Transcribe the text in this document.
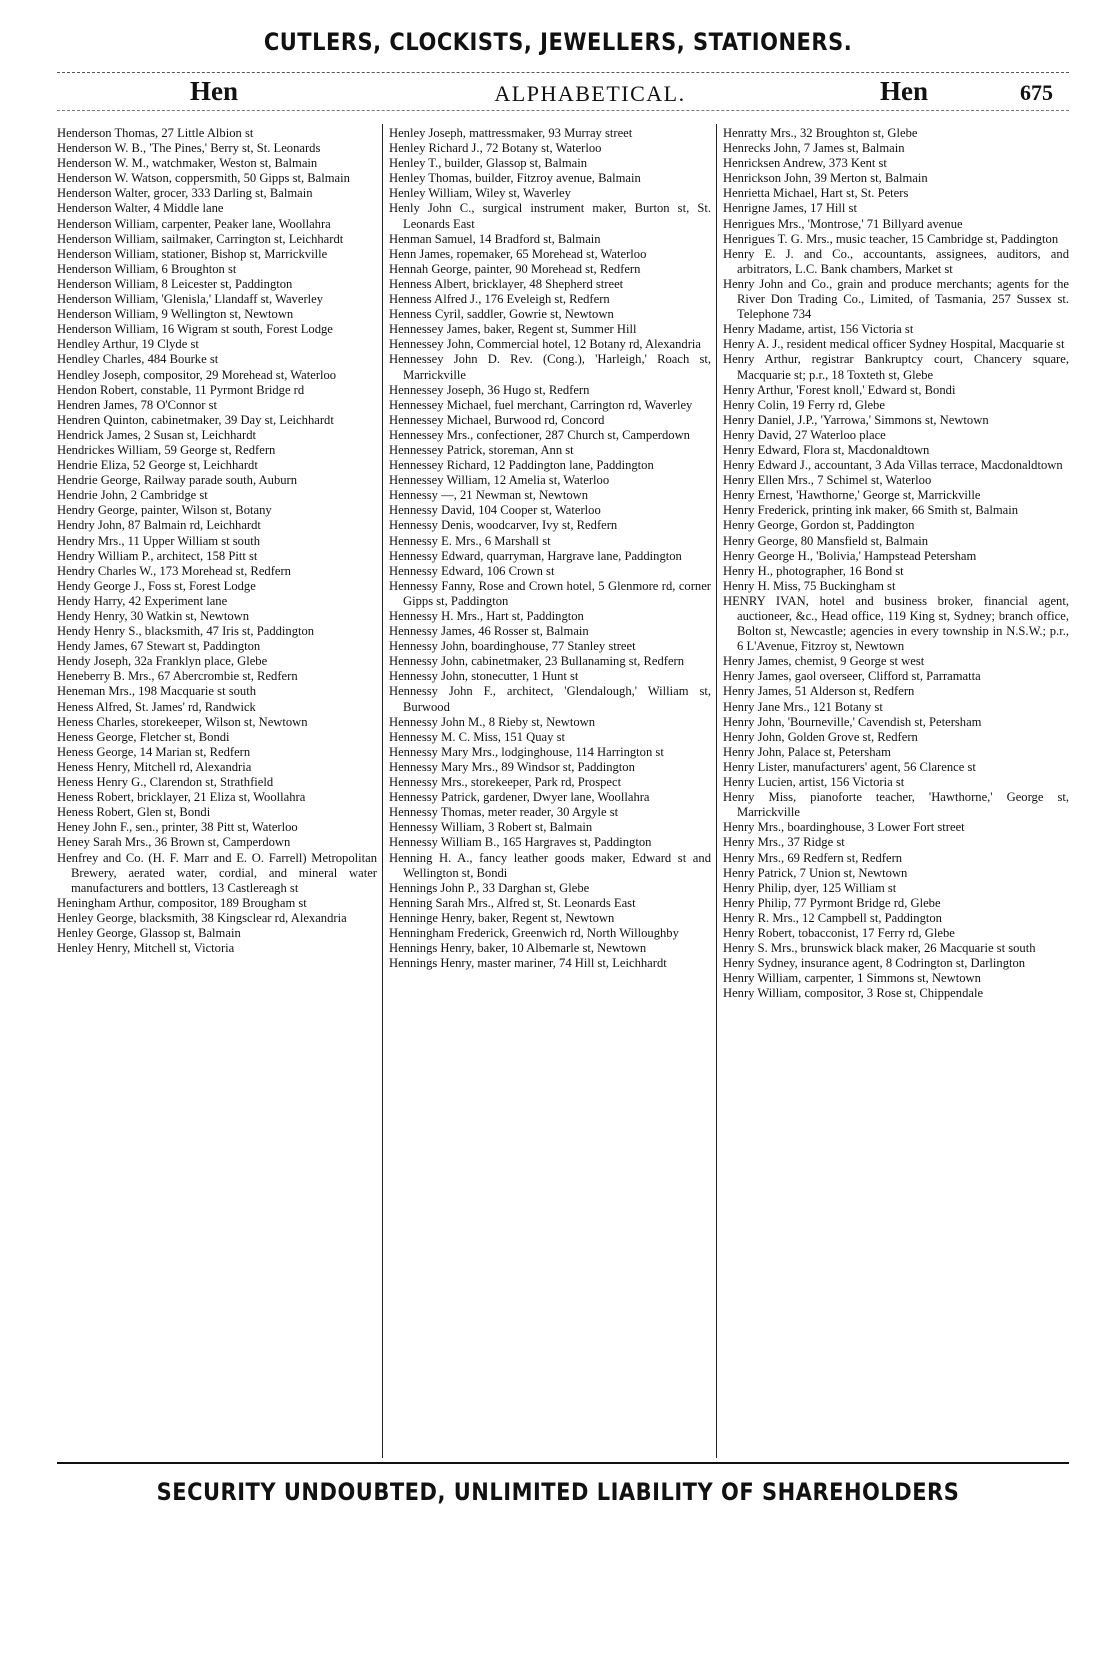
CUTLERS, CLOCKISTS, JEWELLERS, STATIONERS.
Hen	ALPHABETICAL.	Hen	675
Henderson Thomas, 27 Little Albion st
Henderson W. B., 'The Pines,' Berry st, St. Leonards
Henderson W. M., watchmaker, Weston st, Balmain
Henderson W. Watson, coppersmith, 50 Gipps st, Balmain
Henderson Walter, grocer, 333 Darling st, Balmain
Henderson Walter, 4 Middle lane
Henderson William, carpenter, Peaker lane, Woollahra
Henderson William, sailmaker, Carrington st, Leichhardt
Henderson William, stationer, Bishop st, Marrickville
Henderson William, 6 Broughton st
Henderson William, 8 Leicester st, Paddington
Henderson William, 'Glenisla,' Llandaff st, Waverley
Henderson William, 9 Wellington st, Newtown
Henderson William, 16 Wigram st south, Forest Lodge
Hendley Arthur, 19 Clyde st
Hendley Charles, 484 Bourke st
Hendley Joseph, compositor, 29 Morehead st, Waterloo
Hendon Robert, constable, 11 Pyrmont Bridge rd
Hendren James, 78 O'Connor st
Hendren Quinton, cabinetmaker, 39 Day st, Leichhardt
Hendrick James, 2 Susan st, Leichhardt
Hendrickes William, 59 George st, Redfern
Hendrie Eliza, 52 George st, Leichhardt
Hendrie George, Railway parade south, Auburn
Hendrie John, 2 Cambridge st
Hendry George, painter, Wilson st, Botany
Hendry John, 87 Balmain rd, Leichhardt
Hendry Mrs., 11 Upper William st south
Hendry William P., architect, 158 Pitt st
Hendry Charles W., 173 Morehead st, Redfern
Hendy George J., Foss st, Forest Lodge
Hendy Harry, 42 Experiment lane
Hendy Henry, 30 Watkin st, Newtown
Hendy Henry S., blacksmith, 47 Iris st, Paddington
Hendy James, 67 Stewart st, Paddington
Hendy Joseph, 32a Franklyn place, Glebe
Heneberry B. Mrs., 67 Abercrombie st, Redfern
Heneman Mrs., 198 Macquarie st south
Heness Alfred, St. James' rd, Randwick
Heness Charles, storekeeper, Wilson st, Newtown
Heness George, Fletcher st, Bondi
Heness George, 14 Marian st, Redfern
Heness Henry, Mitchell rd, Alexandria
Heness Henry G., Clarendon st, Strathfield
Heness Robert, bricklayer, 21 Eliza st, Woollahra
Heness Robert, Glen st, Bondi
Heney John F., sen., printer, 38 Pitt st, Waterloo
Heney Sarah Mrs., 36 Brown st, Camperdown
Henfrey and Co. (H. F. Marr and E. O. Farrell) Metropolitan Brewery, aerated water, cordial, and mineral water manufacturers and bottlers, 13 Castlereagh st
Heningham Arthur, compositor, 189 Brougham st
Henley George, blacksmith, 38 Kingsclear rd, Alexandria
Henley George, Glassop st, Balmain
Henley Henry, Mitchell st, Victoria
Henley Joseph, mattressmaker, 93 Murray street
Henley Richard J., 72 Botany st, Waterloo
Henley T., builder, Glassop st, Balmain
Henley Thomas, builder, Fitzroy avenue, Balmain
Henley William, Wiley st, Waverley
Henly John C., surgical instrument maker, Burton st, St. Leonards East
Henman Samuel, 14 Bradford st, Balmain
Henn James, ropemaker, 65 Morehead st, Waterloo
Hennah George, painter, 90 Morehead st, Redfern
Henness Albert, bricklayer, 48 Shepherd street
Henness Alfred J., 176 Eveleigh st, Redfern
Henness Cyril, saddler, Gowrie st, Newtown
Hennessey James, baker, Regent st, Summer Hill
Hennessey John, Commercial hotel, 12 Botany rd, Alexandria
Hennessey John D. Rev. (Cong.), 'Harleigh,' Roach st, Marrickville
Hennessey Joseph, 36 Hugo st, Redfern
Hennessey Michael, fuel merchant, Carrington rd, Waverley
Hennessey Michael, Burwood rd, Concord
Hennessey Mrs., confectioner, 287 Church st, Camperdown
Hennessey Patrick, storeman, Ann st
Hennessey Richard, 12 Paddington lane, Paddington
Hennessey William, 12 Amelia st, Waterloo
Hennessy —, 21 Newman st, Newtown
Hennessy David, 104 Cooper st, Waterloo
Hennessy Denis, woodcarver, Ivy st, Redfern
Hennessy E. Mrs., 6 Marshall st
Hennessy Edward, quarryman, Hargrave lane, Paddington
Hennessy Edward, 106 Crown st
Hennessy Fanny, Rose and Crown hotel, 5 Glenmore rd, corner Gipps st, Paddington
Hennessy H. Mrs., Hart st, Paddington
Hennessy James, 46 Rosser st, Balmain
Hennessy John, boardinghouse, 77 Stanley street
Hennessy John, cabinetmaker, 23 Bullanaming st, Redfern
Hennessy John, stonecutter, 1 Hunt st
Hennessy John F., architect, 'Glendalough,' William st, Burwood
Hennessy John M., 8 Rieby st, Newtown
Hennessy M. C. Miss, 151 Quay st
Hennessy Mary Mrs., lodginghouse, 114 Harrington st
Hennessy Mary Mrs., 89 Windsor st, Paddington
Hennessy Mrs., storekeeper, Park rd, Prospect
Hennessy Patrick, gardener, Dwyer lane, Woollahra
Hennessy Thomas, meter reader, 30 Argyle st
Hennessy William, 3 Robert st, Balmain
Hennessy William B., 165 Hargraves st, Paddington
Henning H. A., fancy leather goods maker, Edward st and Wellington st, Bondi
Hennings John P., 33 Darghan st, Glebe
Henning Sarah Mrs., Alfred st, St. Leonards East
Henninge Henry, baker, Regent st, Newtown
Henningham Frederick, Greenwich rd, North Willoughby
Hennings Henry, baker, 10 Albemarle st, Newtown
Hennings Henry, master mariner, 74 Hill st, Leichhardt
Henratty Mrs., 32 Broughton st, Glebe
Henrecks John, 7 James st, Balmain
Henricksen Andrew, 373 Kent st
Henrickson John, 39 Merton st, Balmain
Henrietta Michael, Hart st, St. Peters
Henrigne James, 17 Hill st
Henrigues Mrs., 'Montrose,' 71 Billyard avenue
Henrigues T. G. Mrs., music teacher, 15 Cambridge st, Paddington
Henry E. J. and Co., accountants, assignees, auditors, and arbitrators, L.C. Bank chambers, Market st
Henry John and Co., grain and produce merchants; agents for the River Don Trading Co., Limited, of Tasmania, 257 Sussex st. Telephone 734
Henry Madame, artist, 156 Victoria st
Henry A. J., resident medical officer Sydney Hospital, Macquarie st
Henry Arthur, registrar Bankruptcy court, Chancery square, Macquarie st; p.r., 18 Toxteth st, Glebe
Henry Arthur, 'Forest knoll,' Edward st, Bondi
Henry Colin, 19 Ferry rd, Glebe
Henry Daniel, J.P., 'Yarrowa,' Simmons st, Newtown
Henry David, 27 Waterloo place
Henry Edward, Flora st, Macdonaldtown
Henry Edward J., accountant, 3 Ada Villas terrace, Macdonaldtown
Henry Ellen Mrs., 7 Schimel st, Waterloo
Henry Ernest, 'Hawthorne,' George st, Marrickville
Henry Frederick, printing ink maker, 66 Smith st, Balmain
Henry George, Gordon st, Paddington
Henry George, 80 Mansfield st, Balmain
Henry George H., 'Bolivia,' Hampstead Petersham
Henry H., photographer, 16 Bond st
Henry H. Miss, 75 Buckingham st
HENRY IVAN, hotel and business broker, financial agent, auctioneer, &c., Head office, 119 King st, Sydney; branch office, Bolton st, Newcastle; agencies in every township in N.S.W.; p.r., 6 L'Avenue, Fitzroy st, Newtown
Henry James, chemist, 9 George st west
Henry James, gaol overseer, Clifford st, Parramatta
Henry James, 51 Alderson st, Redfern
Henry Jane Mrs., 121 Botany st
Henry John, 'Bourneville,' Cavendish st, Petersham
Henry John, Golden Grove st, Redfern
Henry John, Palace st, Petersham
Henry Lister, manufacturers' agent, 56 Clarence st
Henry Lucien, artist, 156 Victoria st
Henry Miss, pianoforte teacher, 'Hawthorne,' George st, Marrickville
Henry Mrs., boardinghouse, 3 Lower Fort street
Henry Mrs., 37 Ridge st
Henry Mrs., 69 Redfern st, Redfern
Henry Patrick, 7 Union st, Newtown
Henry Philip, dyer, 125 William st
Henry Philip, 77 Pyrmont Bridge rd, Glebe
Henry R. Mrs., 12 Campbell st, Paddington
Henry Robert, tobacconist, 17 Ferry rd, Glebe
Henry S. Mrs., brunswick black maker, 26 Macquarie st south
Henry Sydney, insurance agent, 8 Codrington st, Darlington
Henry William, carpenter, 1 Simmons st, Newtown
Henry William, compositor, 3 Rose st, Chippendale
SECURITY UNDOUBTED, UNLIMITED LIABILITY OF SHAREHOLDERS
